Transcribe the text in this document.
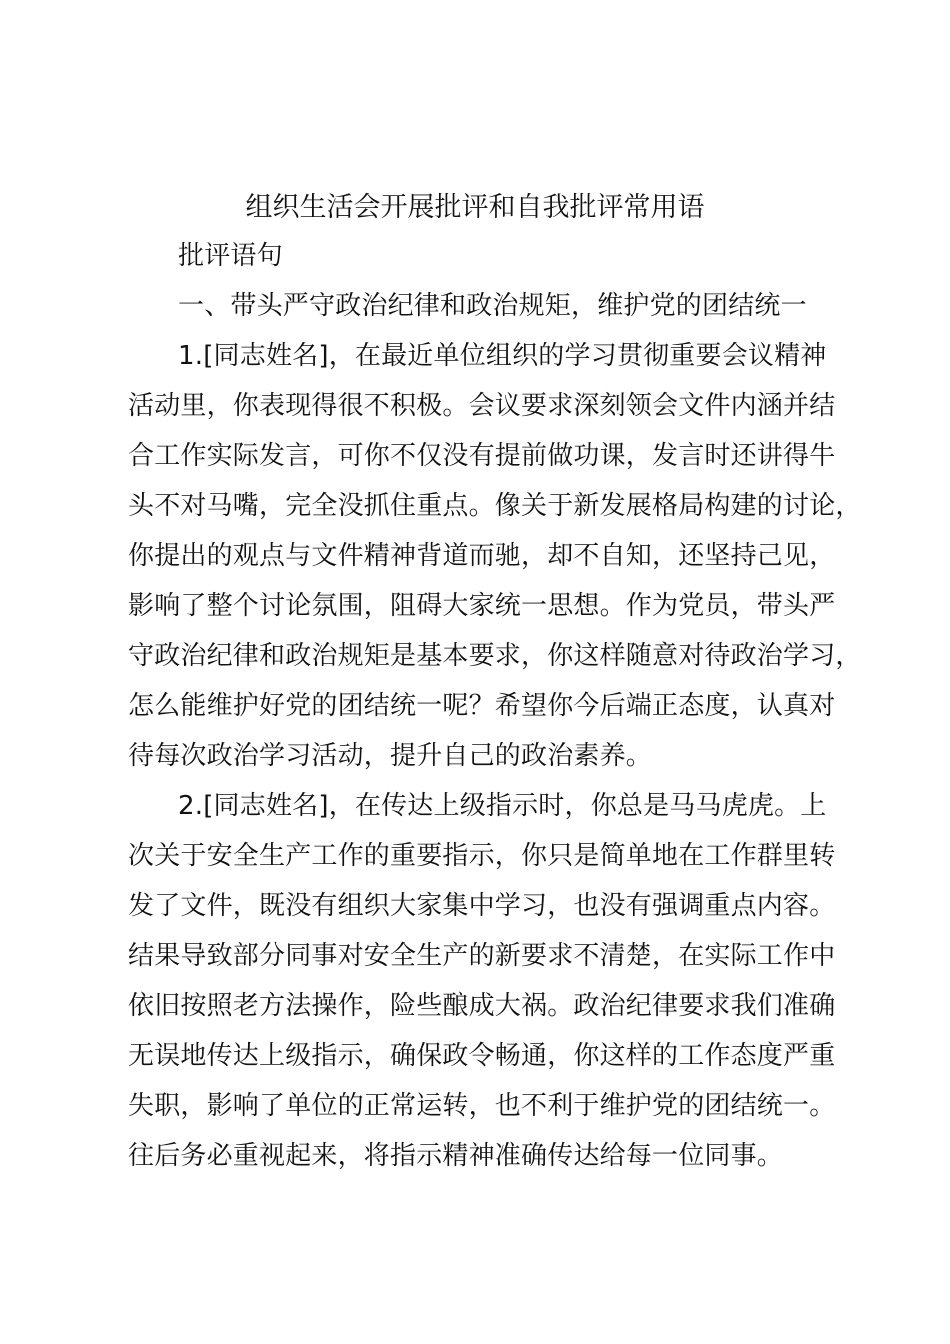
组织生活会开展批评和自我批评常用语
批评语句
一、带头严守政治纪律和政治规矩，维护党的团结统一
1.[同志姓名]，在最近单位组织的学习贯彻重要会议精神
活动里，你表现得很不积极。会议要求深刻领会文件内涵并结
合工作实际发言，可你不仅没有提前做功课，发言时还讲得牛
头不对马嘴，完全没抓住重点。像关于新发展格局构建的讨论，
你提出的观点与文件精神背道而驰，却不自知，还坚持己见，
影响了整个讨论氛围，阻碍大家统一思想。作为党员，带头严
守政治纪律和政治规矩是基本要求，你这样随意对待政治学习，
怎么能维护好党的团结统一呢？希望你今后端正态度，认真对
待每次政治学习活动，提升自己的政治素养。
2.[同志姓名]，在传达上级指示时，你总是马马虎虎。上
次关于安全生产工作的重要指示，你只是简单地在工作群里转
发了文件，既没有组织大家集中学习，也没有强调重点内容。
结果导致部分同事对安全生产的新要求不清楚，在实际工作中
依旧按照老方法操作，险些酿成大祸。政治纪律要求我们准确
无误地传达上级指示，确保政令畅通，你这样的工作态度严重
失职，影响了单位的正常运转，也不利于维护党的团结统一。
往后务必重视起来，将指示精神准确传达给每一位同事。
